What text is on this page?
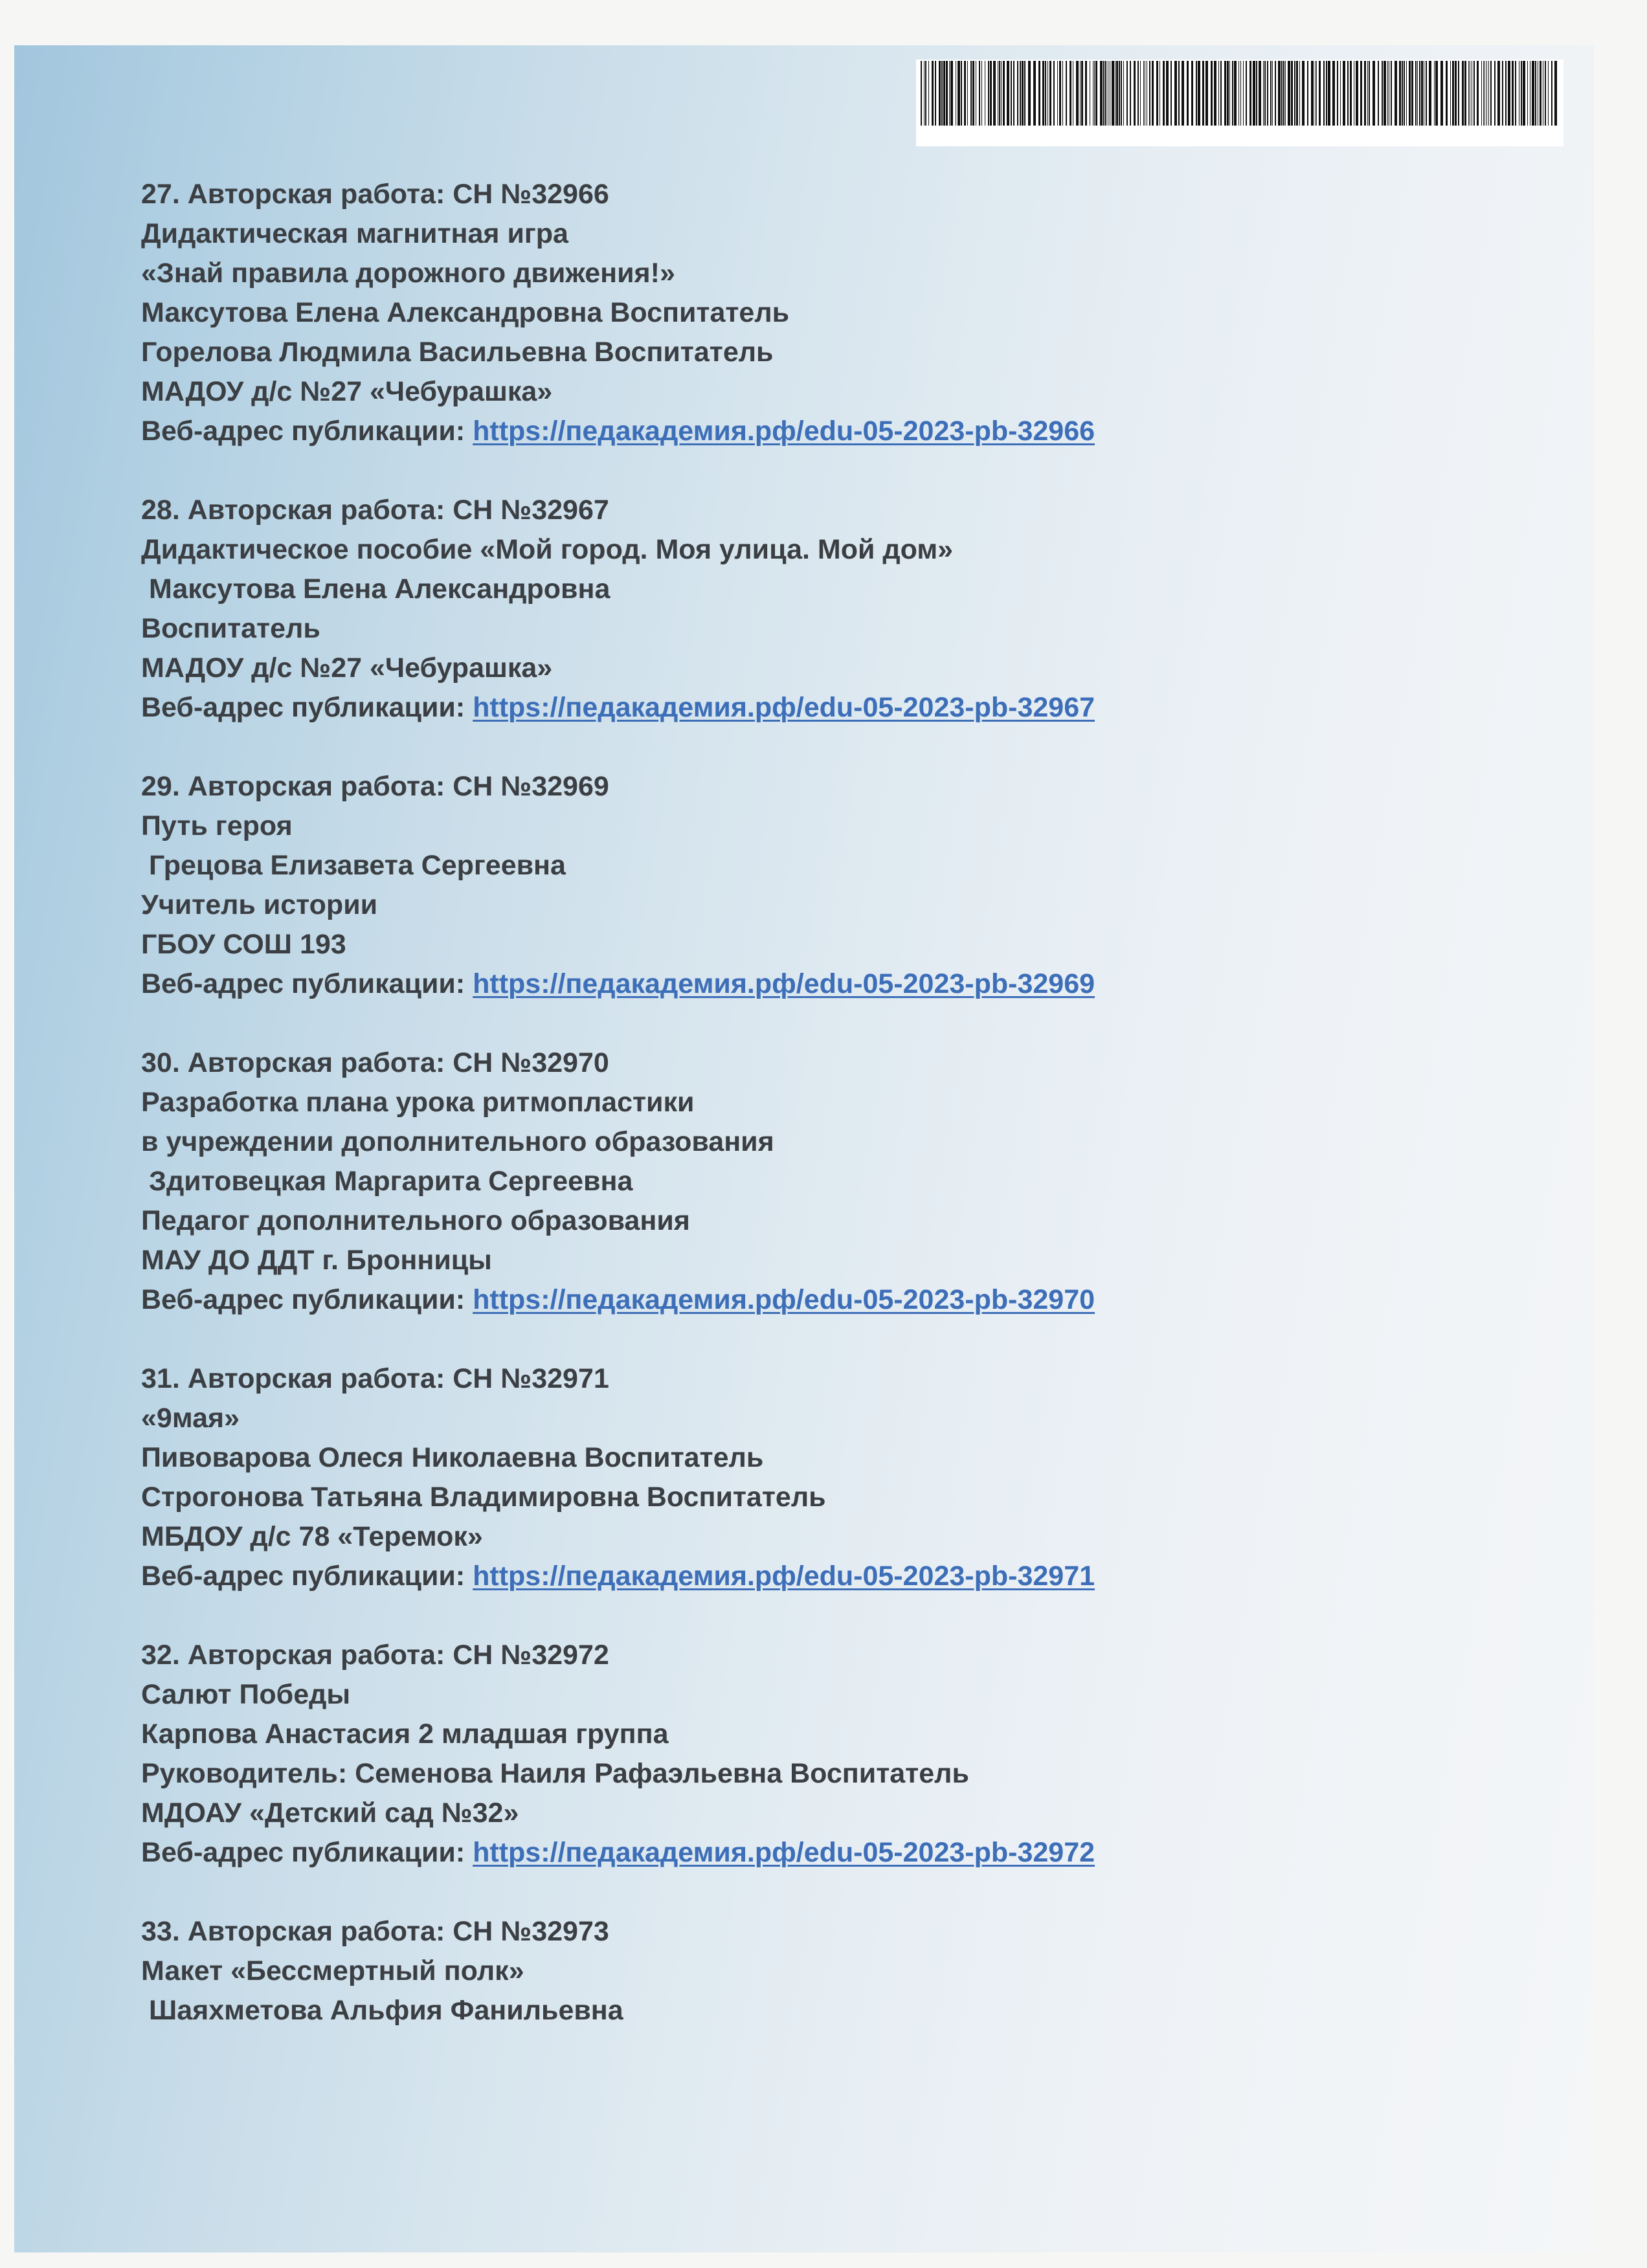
27. Авторская работа: СН №32966
Дидактическая магнитная игра
«Знай правила дорожного движения!»
Максутова Елена Александровна Воспитатель
Горелова Людмила Васильевна Воспитатель
МАДОУ д/с №27 «Чебурашка»
Веб-адрес публикации: https://педакадемия.рф/edu-05-2023-pb-32966
28. Авторская работа: СН №32967
Дидактическое пособие «Мой город. Моя улица. Мой дом»
Максутова Елена Александровна
Воспитатель
МАДОУ д/с №27 «Чебурашка»
Веб-адрес публикации: https://педакадемия.рф/edu-05-2023-pb-32967
29. Авторская работа: СН №32969
Путь героя
Грецова Елизавета Сергеевна
Учитель истории
ГБОУ СОШ 193
Веб-адрес публикации: https://педакадемия.рф/edu-05-2023-pb-32969
30. Авторская работа: СН №32970
Разработка плана урока ритмопластики
в учреждении дополнительного образования
Здитовецкая Маргарита Сергеевна
Педагог дополнительного образования
МАУ ДО ДДТ г. Бронницы
Веб-адрес публикации: https://педакадемия.рф/edu-05-2023-pb-32970
31. Авторская работа: СН №32971
«9мая»
Пивоварова Олеся Николаевна Воспитатель
Строгонова Татьяна Владимировна Воспитатель
МБДОУ д/с 78 «Теремок»
Веб-адрес публикации: https://педакадемия.рф/edu-05-2023-pb-32971
32. Авторская работа: СН №32972
Салют Победы
Карпова Анастасия 2 младшая группа
Руководитель: Семенова Наиля Рафаэльевна Воспитатель
МДОАУ «Детский сад №32»
Веб-адрес публикации: https://педакадемия.рф/edu-05-2023-pb-32972
33. Авторская работа: СН №32973
Макет «Бессмертный полк»
Шаяхметова Альфия Фанильевна
